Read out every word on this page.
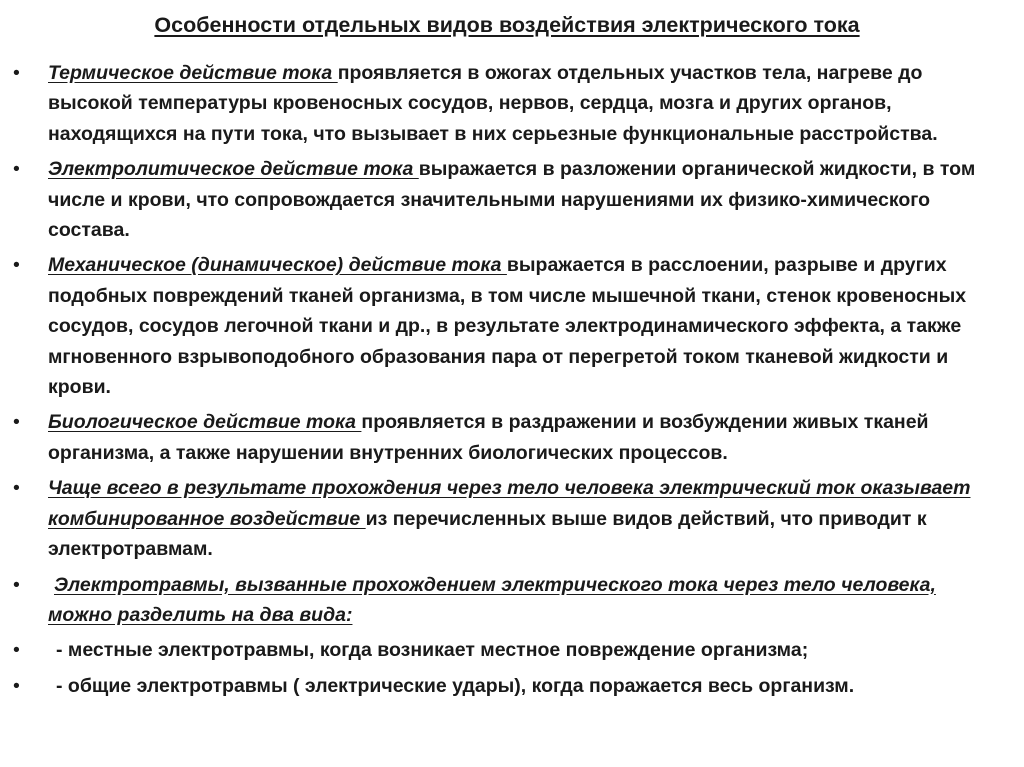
Особенности отдельных видов воздействия электрического тока
• Термическое действие тока проявляется в ожогах отдельных участков тела, нагреве до высокой температуры кровеносных сосудов, нервов, сердца, мозга и других органов, находящихся на пути тока, что вызывает в них серьезные функциональные расстройства.
• Электролитическое действие тока выражается в разложении органической жидкости, в том числе и крови, что сопровождается значительными нарушениями их физико-химического состава.
• Механическое (динамическое) действие тока выражается в расслоении, разрыве и других подобных повреждений тканей организма, в том числе мышечной ткани, стенок кровеносных сосудов, сосудов легочной ткани и др., в результате электродинамического эффекта, а также мгновенного взрывоподобного образования пара от перегретой током тканевой жидкости и крови.
• Биологическое действие тока проявляется в раздражении и возбуждении живых тканей организма, а также нарушении внутренних биологических процессов.
• Чаще всего в результате прохождения через тело человека электрический ток оказывает комбинированное воздействие из перечисленных выше видов действий, что приводит к электротравмам.
• Электротравмы, вызванные прохождением электрического тока через тело человека, можно разделить на два вида:
• - местные электротравмы, когда возникает местное повреждение организма;
• - общие электротравмы ( электрические удары), когда поражается весь организм.
